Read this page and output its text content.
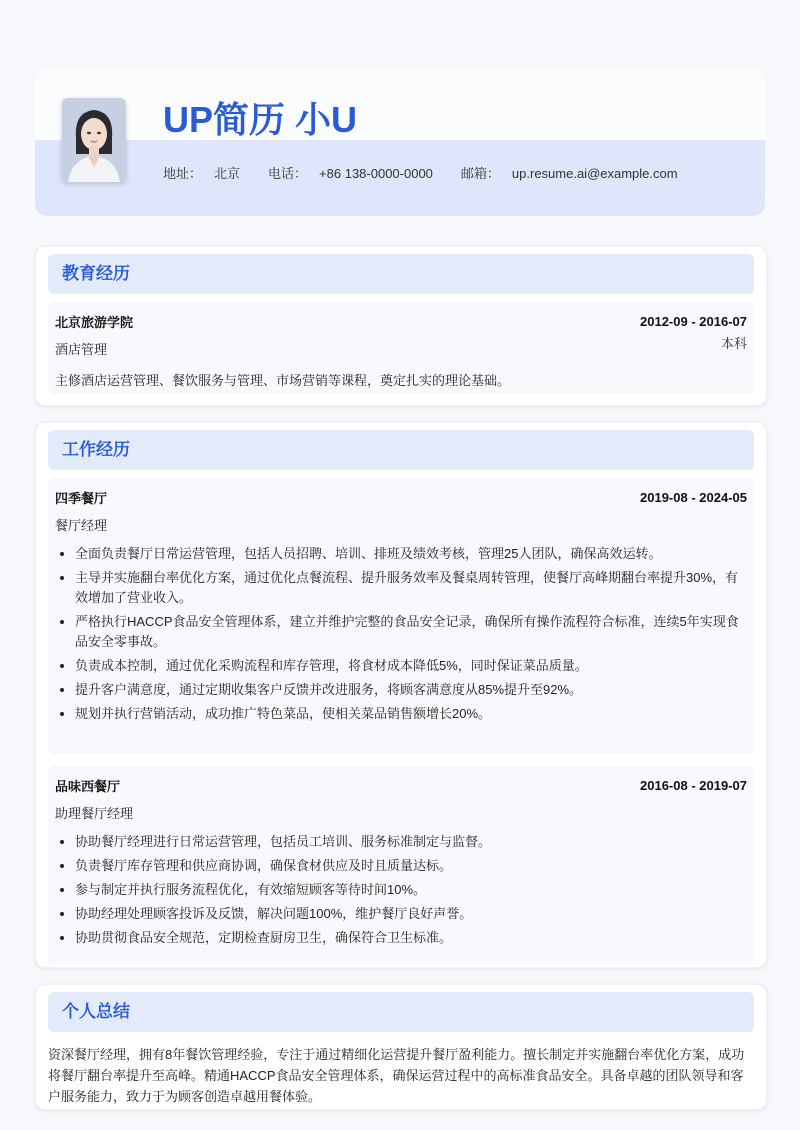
UP简历 小U
地址： 北京 电话： +86 138-0000-0000 邮箱： up.resume.ai@example.com
教育经历
北京旅游学院	2012-09 - 2016-07
本科
酒店管理
主修酒店运营管理、餐饮服务与管理、市场营销等课程，奠定扎实的理论基础。
工作经历
四季餐厅	2019-08 - 2024-05
餐厅经理
• 全面负责餐厅日常运营管理，包括人员招聘、培训、排班及绩效考核，管理25人团队，确保高效运转。
• 主导并实施翻台率优化方案，通过优化点餐流程、提升服务效率及餐桌周转管理，使餐厅高峰期翻台率提升30%，有效增加了营业收入。
• 严格执行HACCP食品安全管理体系，建立并维护完整的食品安全记录，确保所有操作流程符合标准，连续5年实现食品安全零事故。
• 负责成本控制，通过优化采购流程和库存管理，将食材成本降低5%，同时保证菜品质量。
• 提升客户满意度，通过定期收集客户反馈并改进服务，将顾客满意度从85%提升至92%。
• 规划并执行营销活动，成功推广特色菜品，使相关菜品销售额增长20%。
品味西餐厅	2016-08 - 2019-07
助理餐厅经理
• 协助餐厅经理进行日常运营管理，包括员工培训、服务标准制定与监督。
• 负责餐厅库存管理和供应商协调，确保食材供应及时且质量达标。
• 参与制定并执行服务流程优化，有效缩短顾客等待时间10%。
• 协助经理处理顾客投诉及反馈，解决问题100%，维护餐厅良好声誉。
• 协助贯彻食品安全规范，定期检查厨房卫生，确保符合卫生标准。
个人总结
资深餐厅经理，拥有8年餐饮管理经验，专注于通过精细化运营提升餐厅盈利能力。擅长制定并实施翻台率优化方案，成功将餐厅翻台率提升至高峰。精通HACCP食品安全管理体系，确保运营过程中的高标准食品安全。具备卓越的团队领导和客户服务能力，致力于为顾客创造卓越用餐体验。
